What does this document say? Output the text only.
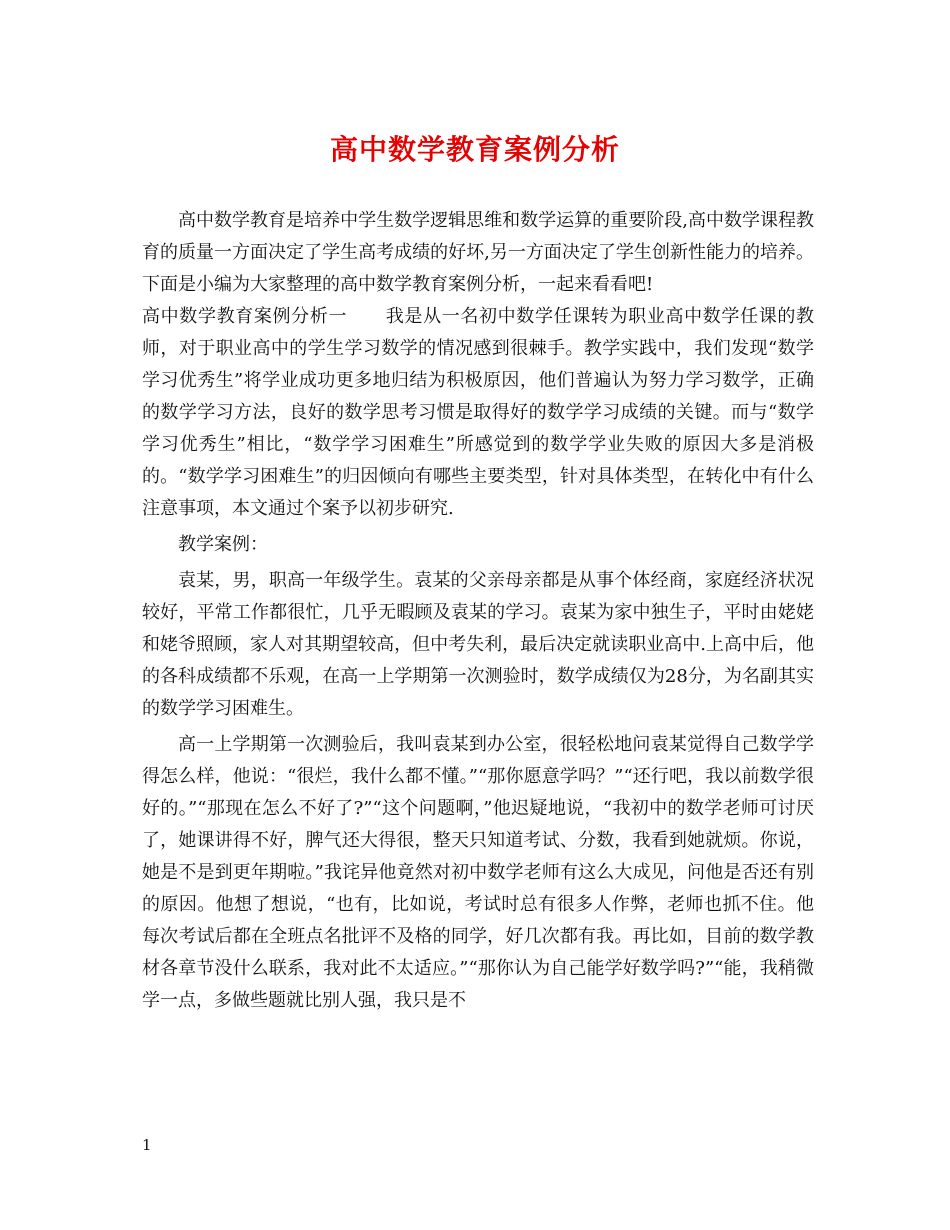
高中数学教育案例分析

高中数学教育是培养中学生数学逻辑思维和数学运算的重要阶段,高中数学课程教育的质量一方面决定了学生高考成绩的好坏,另一方面决定了学生创新性能力的培养。下面是小编为大家整理的高中数学教育案例分析，一起来看看吧!

高中数学教育案例分析一 我是从一名初中数学任课转为职业高中数学任课的教师，对于职业高中的学生学习数学的情况感到很棘手。教学实践中，我们发现“数学学习优秀生”将学业成功更多地归结为积极原因，他们普遍认为努力学习数学，正确的数学学习方法，良好的数学思考习惯是取得好的数学学习成绩的关键。而与“数学学习优秀生”相比，“数学学习困难生”所感觉到的数学学业失败的原因大多是消极的。“数学学习困难生”的归因倾向有哪些主要类型，针对具体类型，在转化中有什么注意事项，本文通过个案予以初步研究.

教学案例：

袁某，男，职高一年级学生。袁某的父亲母亲都是从事个体经商，家庭经济状况较好，平常工作都很忙，几乎无暇顾及袁某的学习。袁某为家中独生子，平时由姥姥和姥爷照顾，家人对其期望较高，但中考失利，最后决定就读职业高中.上高中后，他的各科成绩都不乐观，在高一上学期第一次测验时，数学成绩仅为28分，为名副其实的数学学习困难生。

高一上学期第一次测验后，我叫袁某到办公室，很轻松地问袁某觉得自己数学学得怎么样，他说：“很烂，我什么都不懂。”“那你愿意学吗？”“还行吧，我以前数学很好的。”“那现在怎么不好了?”“这个问题啊，”他迟疑地说，“我初中的数学老师可讨厌了，她课讲得不好，脾气还大得很，整天只知道考试、分数，我看到她就烦。你说，她是不是到更年期啦。”我诧异他竟然对初中数学老师有这么大成见，问他是否还有别的原因。他想了想说，“也有，比如说，考试时总有很多人作弊，老师也抓不住。他每次考试后都在全班点名批评不及格的同学，好几次都有我。再比如，目前的数学教材各章节没什么联系，我对此不太适应。”“那你认为自己能学好数学吗?”“能，我稍微学一点，多做些题就比别人强，我只是不

1
